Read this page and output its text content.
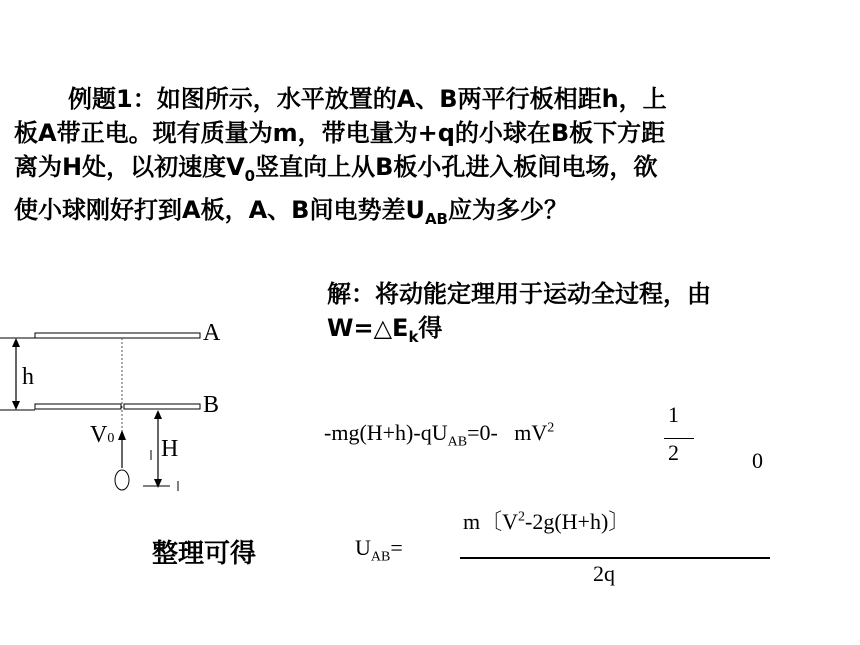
例题1：如图所示，水平放置的A、B两平行板相距h，上
板A带正电。现有质量为m，带电量为+q的小球在B板下方距
离为H处，以初速度$V_0$竖直向上从B板小孔进入板间电场，欲
使小球刚好打到A板，A、B间电势差$U_{AB}$应为多少？
解：将动能定理用于运动全过程，由
$W=\triangle E_k$得
A
B
h
V0 H
$-mg(H+h)-qU_{AB}=0-$ $mV^2$
1
2	0
整理可得	$U_{AB}=$
m〔$V^2-2g(H+h)$〕
2q
